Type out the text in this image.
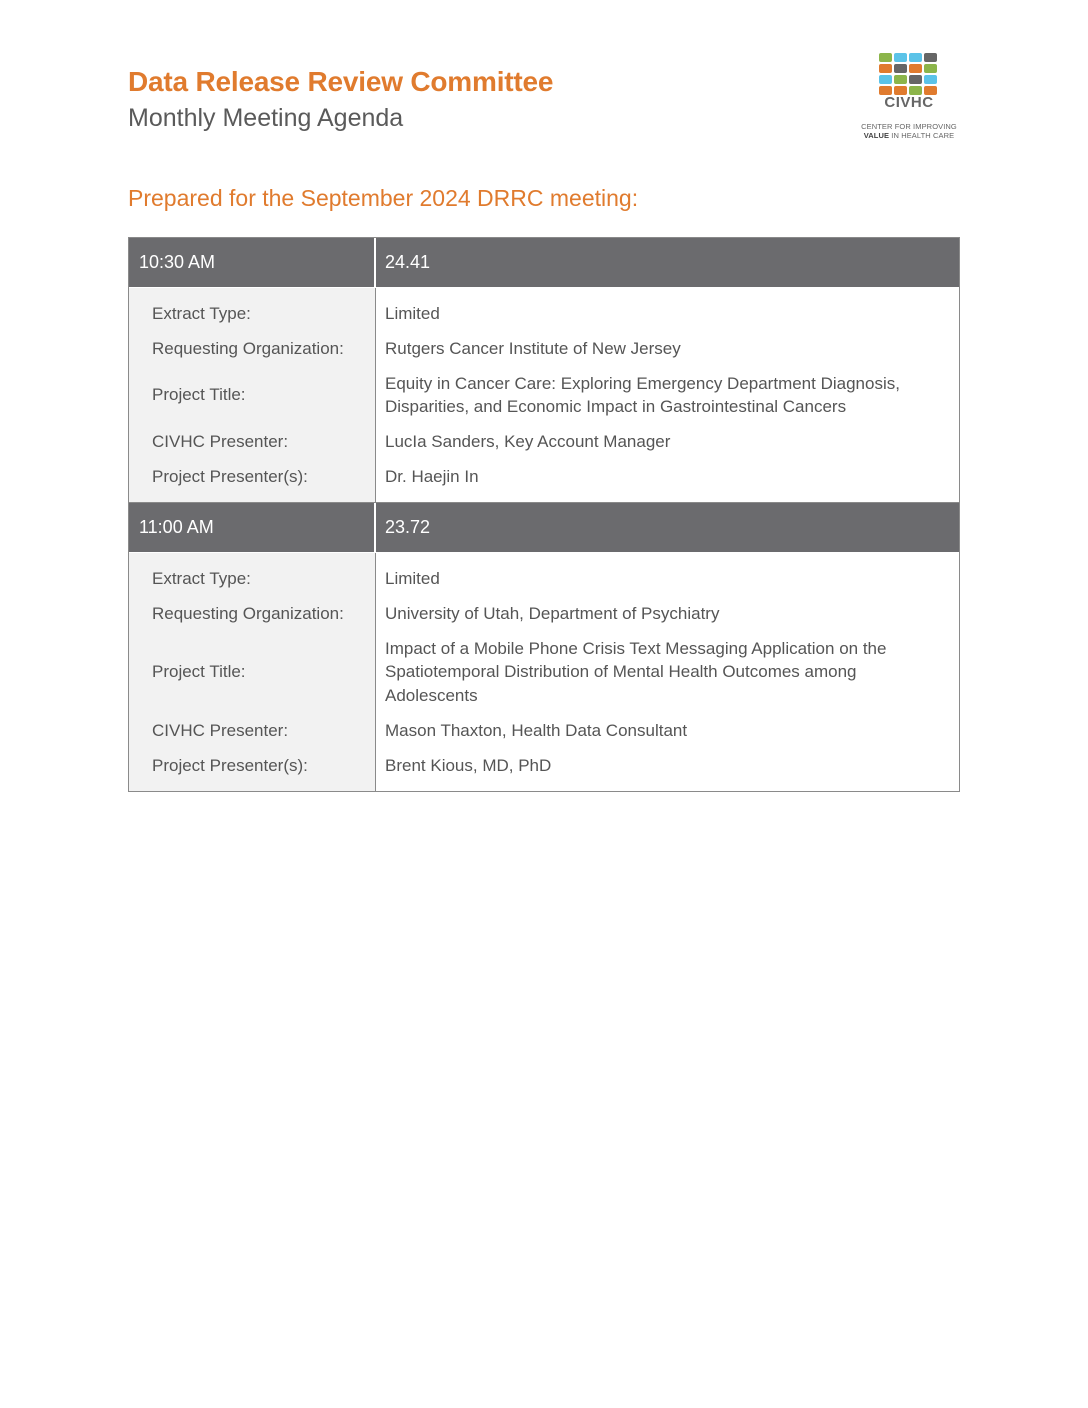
Data Release Review Committee
Monthly Meeting Agenda
CIVHC
CENTER FOR IMPROVING
VALUE IN HEALTH CARE
Prepared for the September 2024 DRRC meeting:
10:30 AM	24.41
Extract Type:
Requesting Organization:
Project Title:
CIVHC Presenter:
Project Presenter(s):
Limited
Rutgers Cancer Institute of New Jersey
Equity in Cancer Care: Exploring Emergency Department Diagnosis, Disparities, and Economic Impact in Gastrointestinal Cancers
LucIa Sanders, Key Account Manager
Dr. Haejin In
11:00 AM	23.72
Extract Type:
Requesting Organization:
Project Title:
CIVHC Presenter:
Project Presenter(s):
Limited
University of Utah, Department of Psychiatry
Impact of a Mobile Phone Crisis Text Messaging Application on the Spatiotemporal Distribution of Mental Health Outcomes among Adolescents
Mason Thaxton, Health Data Consultant
Brent Kious, MD, PhD
